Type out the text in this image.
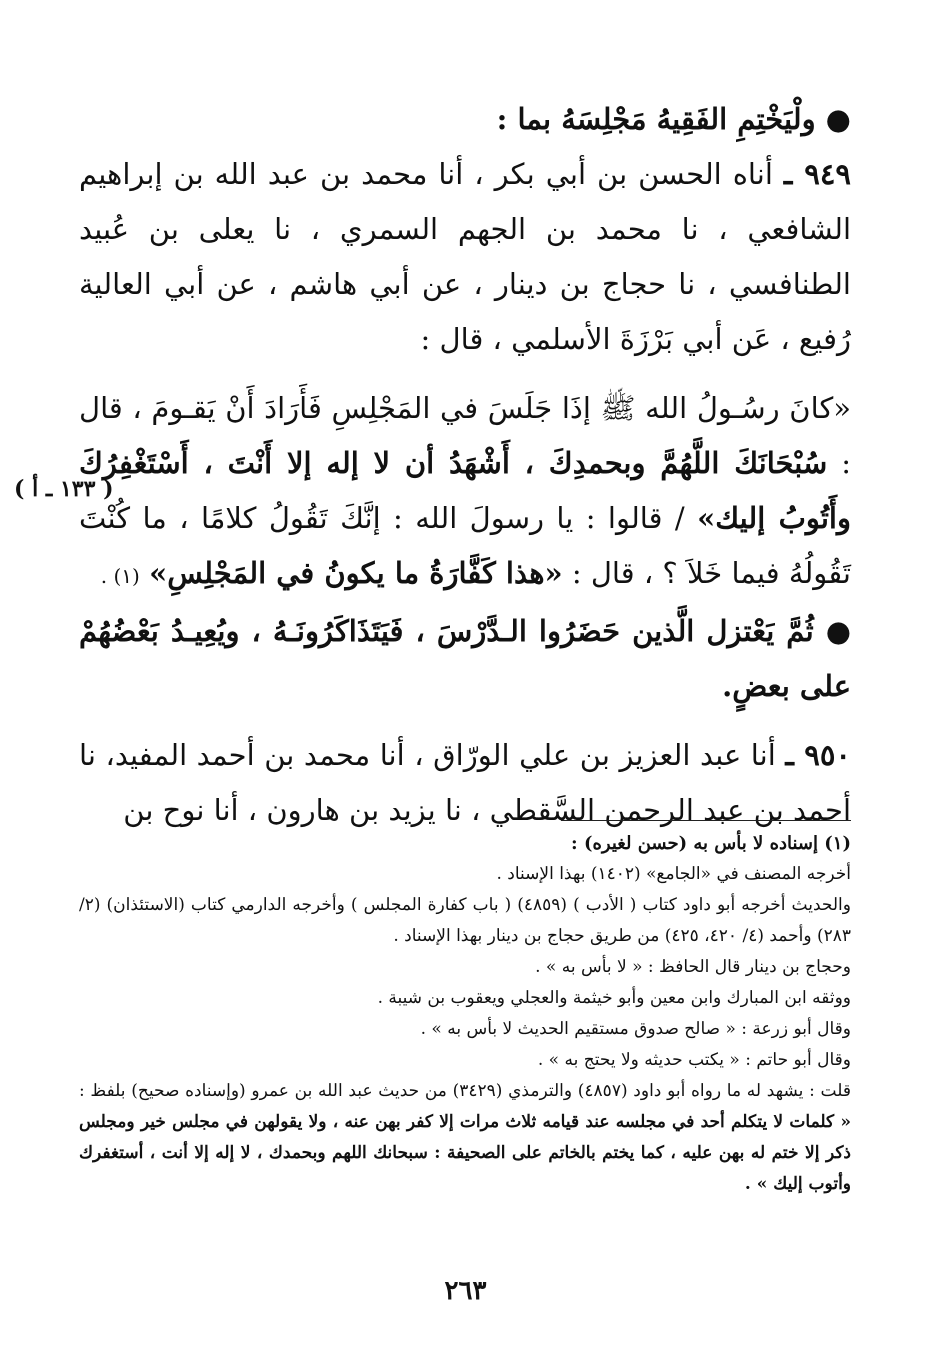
● ولْيَخْتِمِ الفَقِيهُ مَجْلِسَهُ بما :

٩٤٩ ـ أناه الحسن بن أبي بكر ، أنا محمد بن عبد الله بن إبراهيم الشافعي ، نا محمد بن الجهم السمري ، نا يعلى بن عُبيد الطنافسي ، نا حجاج بن دينار ، عن أبي هاشم ، عن أبي العالية رُفيع ، عَن أبي بَرْزَةَ الأسلمي ، قال :

«كانَ رسُـولُ الله ﷺ إذَا جَلَسَ في المَجْلِسِ فَأَرَادَ أَنْ يَقـومَ ، قال : سُبْحَانَكَ اللَّهُمَّ وبحمدِكَ ، أَشْهَدُ أن لا إله إلا أَنْتَ ، أَسْتَغْفِرُكَ وأَتُوبُ إليك» / قالوا : يا رسولَ الله : إنَّكَ تَقُولُ كلامًا ، ما كُنْتَ تَقُولُهُ فيما خَلاَ ؟ ، قال : «هذا كَفَّارَةُ ما يكونُ في المَجْلِسِ» (١) .

● ثُمَّ يَعْتزل الَّذين حَضَرُوا الـدَّرْسَ ، فَيَتَذَاكَرُونَـهُ ، ويُعِيـدُ بَعْضُهُمْ على بعضٍ.

٩٥٠ ـ أنا عبد العزيز بن علي الورّاق ، أنا محمد بن أحمد المفيد، نا أحمد بن عبد الرحمن السَّقطي ، نا يزيد بن هارون ، أنا نوح بن

( ١٣٣ ـ أ )

(١) إسناده لا بأس به (حسن لغيره) :

أخرجه المصنف في «الجامع» (١٤٠٢) بهذا الإسناد .

والحديث أخرجه أبو داود كتاب ( الأدب ) (٤٨٥٩) ( باب كفارة المجلس ) وأخرجه الدارمي كتاب (الاستئذان) (٢/ ٢٨٣) وأحمد (٤/ ٤٢٠، ٤٢٥) من طريق حجاج بن دينار بهذا الإسناد .

وحجاج بن دينار قال الحافظ : « لا بأس به » .

ووثقه ابن المبارك وابن معين وأبو خيثمة والعجلي ويعقوب بن شيبة .

وقال أبو زرعة : « صالح صدوق مستقيم الحديث لا بأس به » .

وقال أبو حاتم : « يكتب حديثه ولا يحتج به » .

قلت : يشهد له ما رواه أبو داود (٤٨٥٧) والترمذي (٣٤٢٩) من حديث عبد الله بن عمرو (وإسناده صحيح) بلفظ : « كلمات لا يتكلم أحد في مجلسه عند قيامه ثلاث مرات إلا كفر بهن عنه ، ولا يقولهن في مجلس خير ومجلس ذكر إلا ختم له بهن عليه ، كما يختم بالخاتم على الصحيفة : سبحانك اللهم وبحمدك ، لا إله إلا أنت ، أستغفرك وأتوب إليك » .

٢٦٣
